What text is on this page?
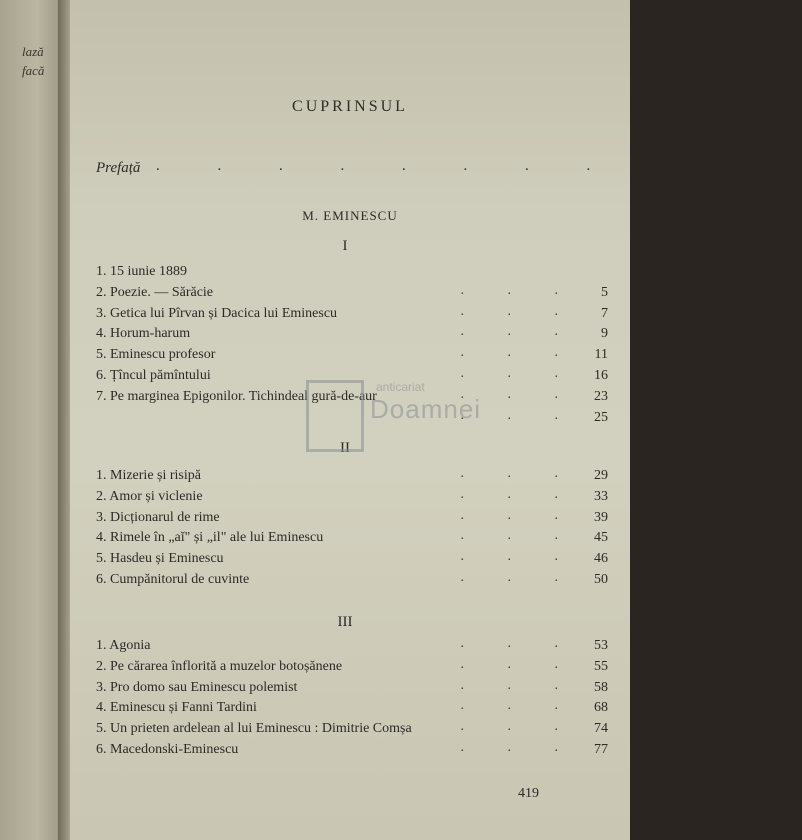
lază
facă
CUPRINSUL
Prefață . . . . . . . . . . .
M. EMINESCU
I
1. 15 iunie 1889
2. Poezie. — Sărăcie	. . . 5
3. Getica lui Pîrvan și Dacica lui Eminescu	. . . 7
4. Horum-harum	. . . 9
5. Eminescu profesor	. . . 11
6. Țîncul pămîntului	. . . 16
7. Pe marginea Epigonilor. Tichindeal gură-de-aur	. . . 23
. . . 25
II
1. Mizerie și risipă	. . . 29
2. Amor și viclenie	. . . 33
3. Dicționarul de rime	. . . 39
4. Rimele în „aĭ" și „il" ale lui Eminescu	. . . 45
5. Hasdeu și Eminescu	. . . 46
6. Cumpănitorul de cuvinte	. . . 50
III
1. Agonia	. . . 53
2. Pe cărarea înflorită a muzelor botoșănene	. . . 55
3. Pro domo sau Eminescu polemist	. . . 58
4. Eminescu și Fanni Tardini	. . . 68
5. Un prieten ardelean al lui Eminescu : Dimitrie Comșa	. . . 74
6. Macedonski-Eminescu	. . . 77
419
anticariat
Doamnei
